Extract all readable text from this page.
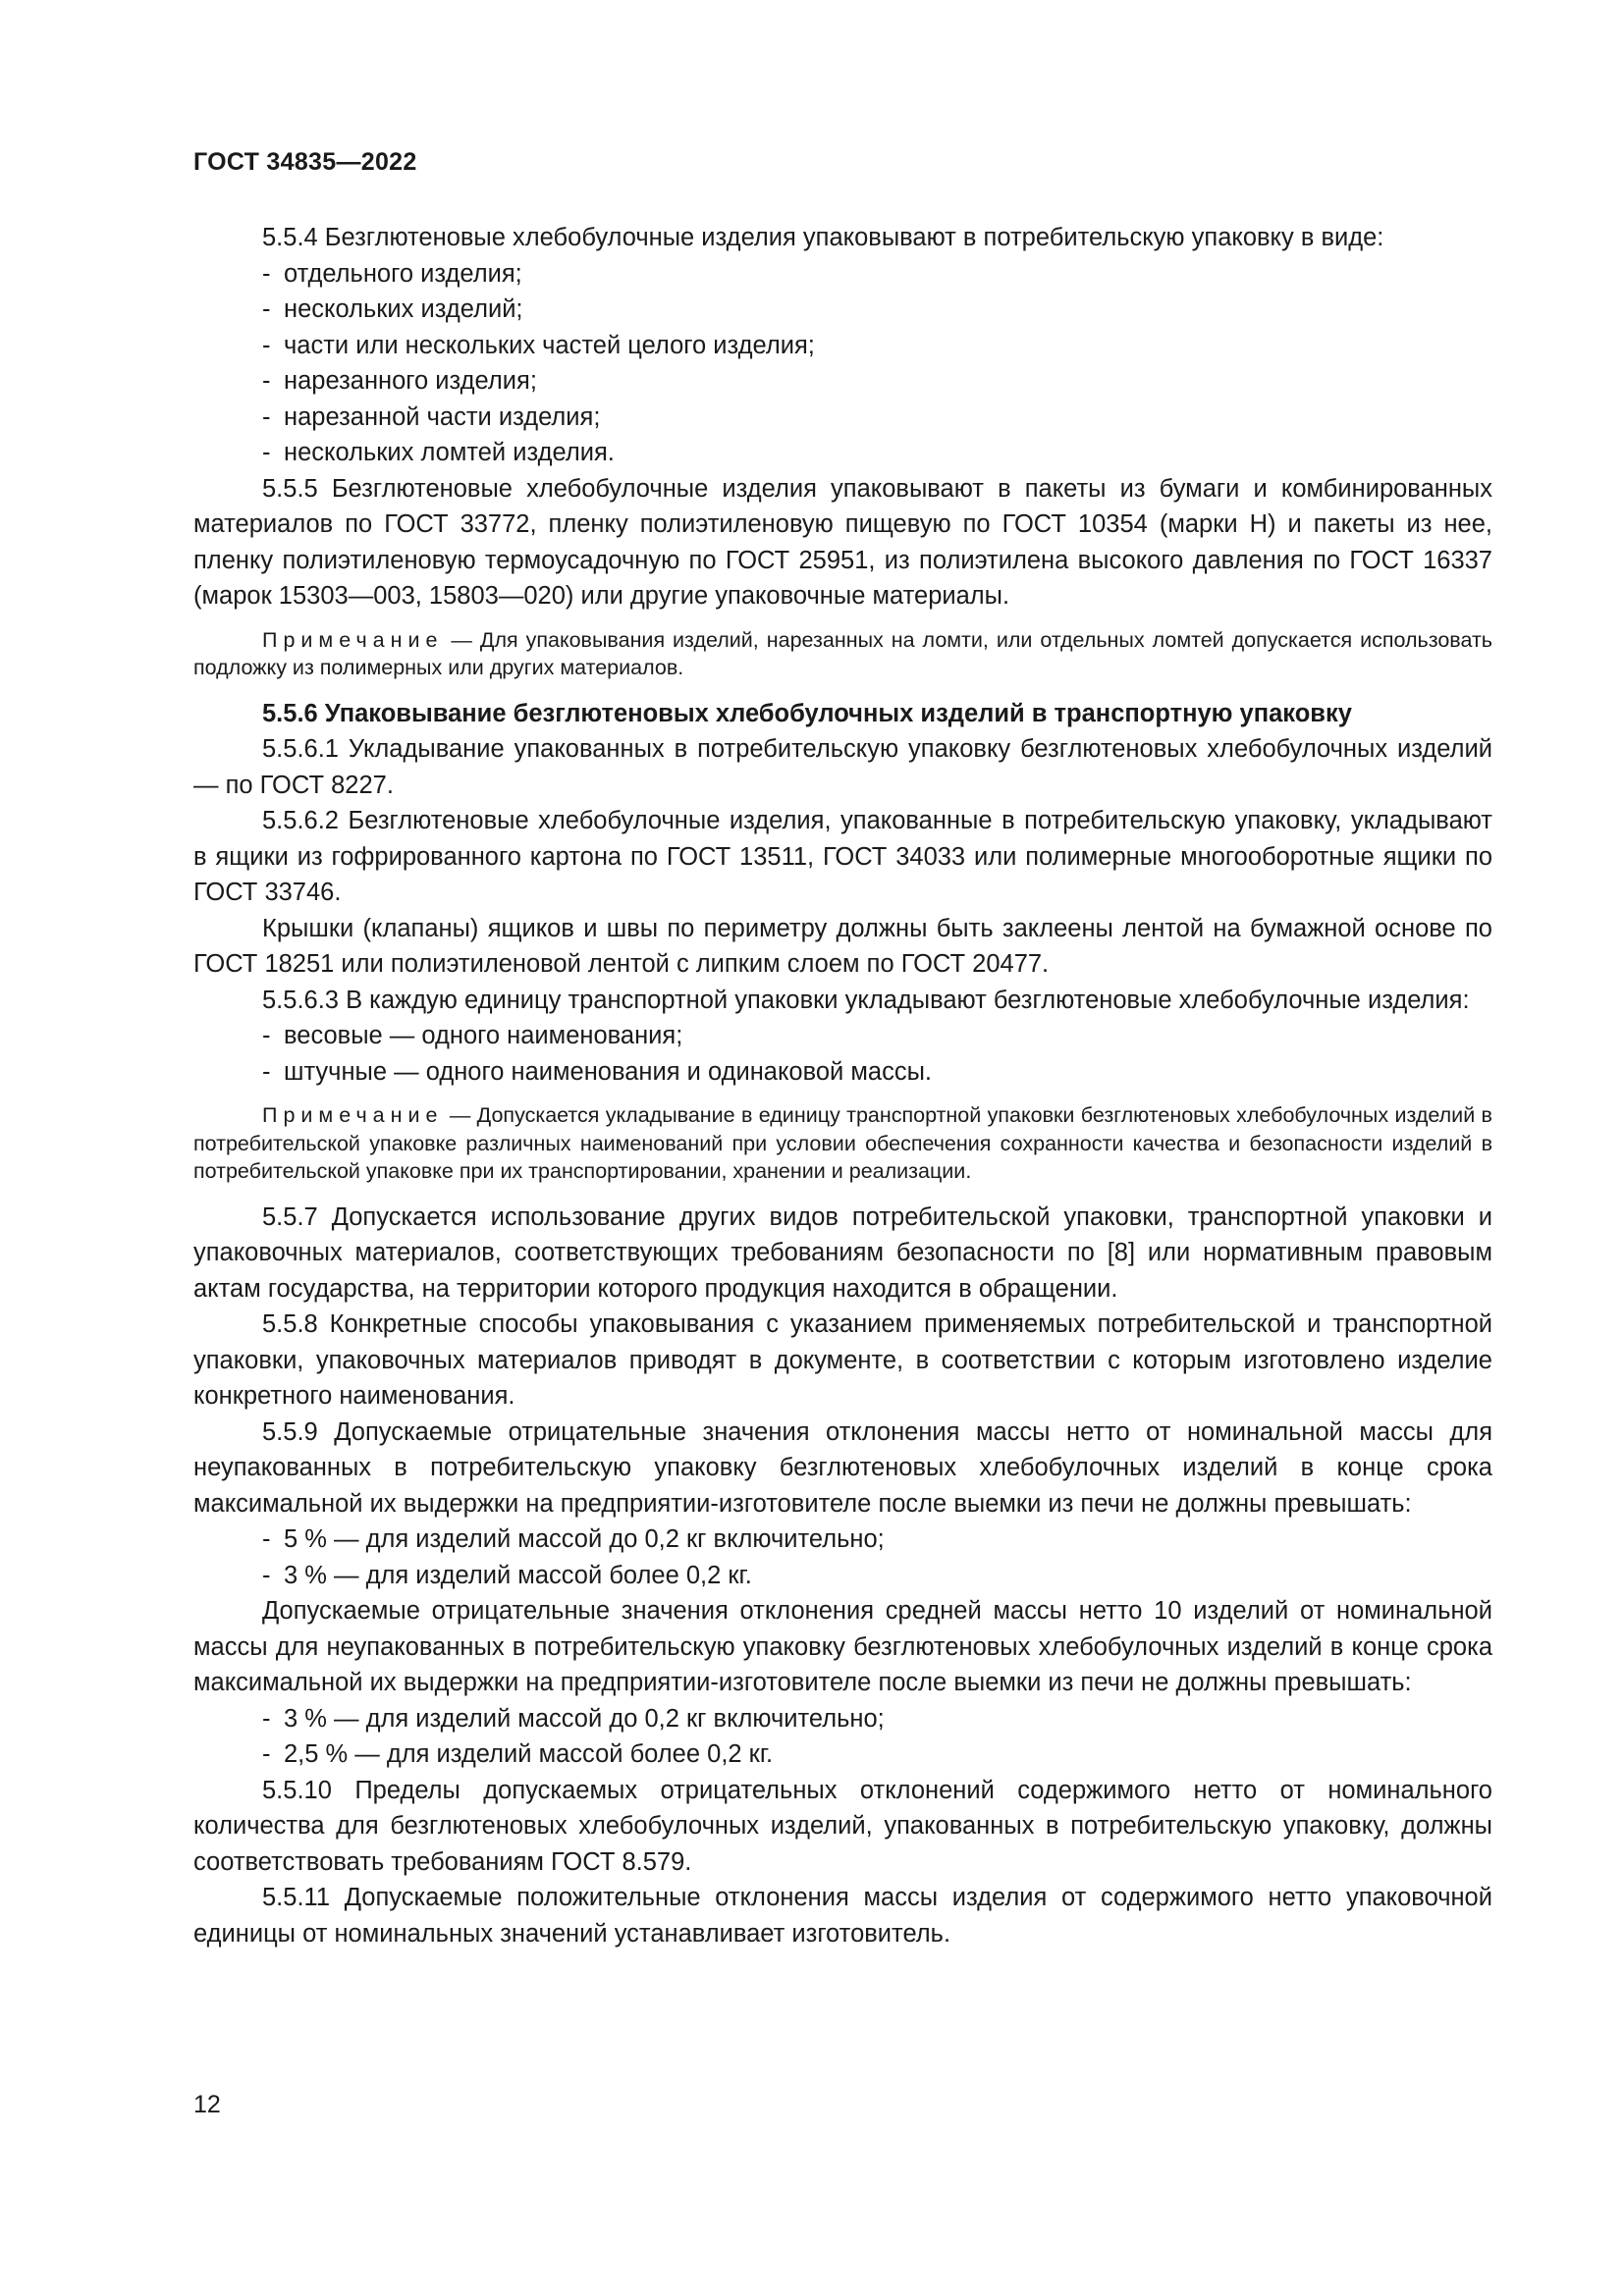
ГОСТ 34835—2022

5.5.4 Безглютеновые хлебобулочные изделия упаковывают в потребительскую упаковку в виде:

- отдельного изделия;
- нескольких изделий;
- части или нескольких частей целого изделия;
- нарезанного изделия;
- нарезанной части изделия;
- нескольких ломтей изделия.

5.5.5 Безглютеновые хлебобулочные изделия упаковывают в пакеты из бумаги и комбинированных материалов по ГОСТ 33772, пленку полиэтиленовую пищевую по ГОСТ 10354 (марки Н) и пакеты из нее, пленку полиэтиленовую термоусадочную по ГОСТ 25951, из полиэтилена высокого давления по ГОСТ 16337 (марок 15303—003, 15803—020) или другие упаковочные материалы.

Примечание — Для упаковывания изделий, нарезанных на ломти, или отдельных ломтей допускается использовать подложку из полимерных или других материалов.

5.5.6 Упаковывание безглютеновых хлебобулочных изделий в транспортную упаковку

5.5.6.1 Укладывание упакованных в потребительскую упаковку безглютеновых хлебобулочных изделий — по ГОСТ 8227.

5.5.6.2 Безглютеновые хлебобулочные изделия, упакованные в потребительскую упаковку, укладывают в ящики из гофрированного картона по ГОСТ 13511, ГОСТ 34033 или полимерные многооборотные ящики по ГОСТ 33746.

Крышки (клапаны) ящиков и швы по периметру должны быть заклеены лентой на бумажной основе по ГОСТ 18251 или полиэтиленовой лентой с липким слоем по ГОСТ 20477.

5.5.6.3 В каждую единицу транспортной упаковки укладывают безглютеновые хлебобулочные изделия:

- весовые — одного наименования;
- штучные — одного наименования и одинаковой массы.

Примечание — Допускается укладывание в единицу транспортной упаковки безглютеновых хлебобулочных изделий в потребительской упаковке различных наименований при условии обеспечения сохранности качества и безопасности изделий в потребительской упаковке при их транспортировании, хранении и реализации.

5.5.7 Допускается использование других видов потребительской упаковки, транспортной упаковки и упаковочных материалов, соответствующих требованиям безопасности по [8] или нормативным правовым актам государства, на территории которого продукция находится в обращении.

5.5.8 Конкретные способы упаковывания с указанием применяемых потребительской и транспортной упаковки, упаковочных материалов приводят в документе, в соответствии с которым изготовлено изделие конкретного наименования.

5.5.9 Допускаемые отрицательные значения отклонения массы нетто от номинальной массы для неупакованных в потребительскую упаковку безглютеновых хлебобулочных изделий в конце срока максимальной их выдержки на предприятии-изготовителе после выемки из печи не должны превышать:

- 5 % — для изделий массой до 0,2 кг включительно;
- 3 % — для изделий массой более 0,2 кг.

Допускаемые отрицательные значения отклонения средней массы нетто 10 изделий от номинальной массы для неупакованных в потребительскую упаковку безглютеновых хлебобулочных изделий в конце срока максимальной их выдержки на предприятии-изготовителе после выемки из печи не должны превышать:

- 3 % — для изделий массой до 0,2 кг включительно;
- 2,5 % — для изделий массой более 0,2 кг.

5.5.10 Пределы допускаемых отрицательных отклонений содержимого нетто от номинального количества для безглютеновых хлебобулочных изделий, упакованных в потребительскую упаковку, должны соответствовать требованиям ГОСТ 8.579.

5.5.11 Допускаемые положительные отклонения массы изделия от содержимого нетто упаковочной единицы от номинальных значений устанавливает изготовитель.

12
